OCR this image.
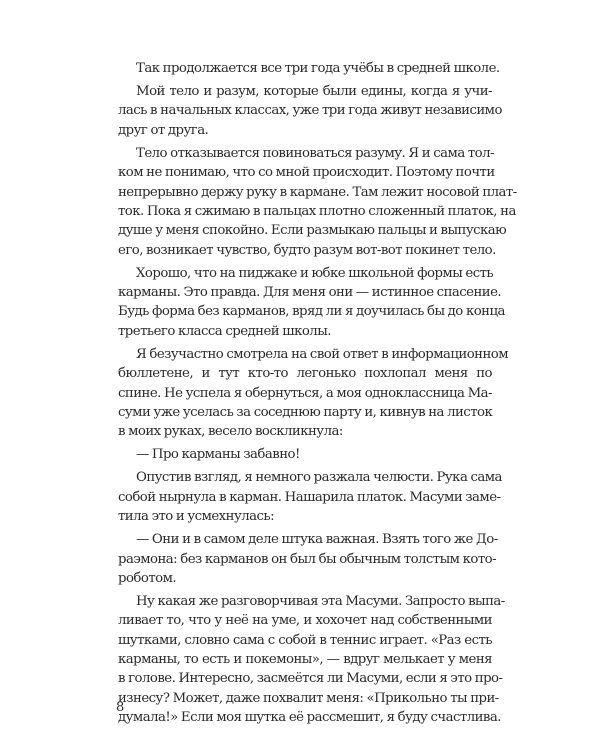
Так продолжается все три года учёбы в средней школе.
Мой тело и разум, которые были едины, когда я учи-
лась в начальных классах, уже три года живут независимо
друг от друга.
Тело отказывается повиноваться разуму. Я и сама тол-
ком не понимаю, что со мной происходит. Поэтому почти
непрерывно держу руку в кармане. Там лежит носовой плат-
ток. Пока я сжимаю в пальцах плотно сложенный платок, на
душе у меня спокойно. Если размыкаю пальцы и выпускаю
его, возникает чувство, будто разум вот-вот покинет тело.
Хорошо, что на пиджаке и юбке школьной формы есть
карманы. Это правда. Для меня они — истинное спасение.
Будь форма без карманов, вряд ли я доучилась бы до конца
третьего класса средней школы.
Я безучастно смотрела на свой ответ в информационном
бюллетене, и тут кто-то легонько похлопал меня по
спине. Не успела я обернуться, а моя одноклассница Ма-
суми уже уселась за соседнюю парту и, кивнув на листок
в моих руках, весело воскликнула:
— Про карманы забавно!
Опустив взгляд, я немного разжала челюсти. Рука сама
собой нырнула в карман. Нашарила платок. Масуми заме-
тила это и усмехнулась:
— Они и в самом деле штука важная. Взять того же До-
раэмона: без карманов он был бы обычным толстым кото-
роботом.
Ну какая же разговорчивая эта Масуми. Запросто выпа-
ливает то, что у неё на уме, и хохочет над собственными
шутками, словно сама с собой в теннис играет. «Раз есть
карманы, то есть и покемоны», — вдруг мелькает у меня
в голове. Интересно, засмеётся ли Масуми, если я это про-
изнесу? Может, даже похвалит меня: «Прикольно ты при-
думала!» Если моя шутка её рассмешит, я буду счастлива.
8
